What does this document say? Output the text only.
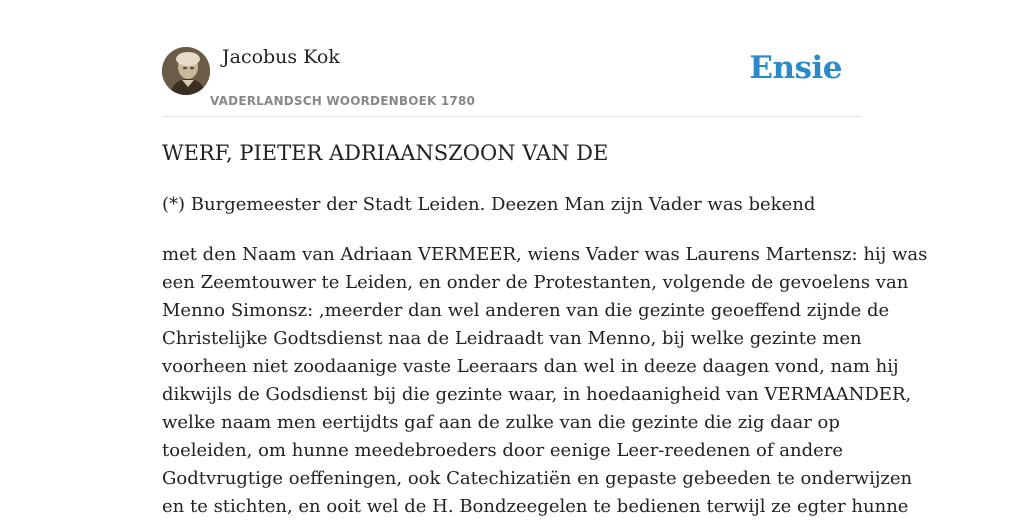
Jacobus Kok
VADERLANDSCH WOORDENBOEK 1780
Ensie
WERF, PIETER ADRIAANSZOON VAN DE

(*) Burgemeester der Stadt Leiden. Deezen Man zijn Vader was bekend

met den Naam van Adriaan VERMEER, wiens Vader was Laurens Martensz: hij was
een Zeemtouwer te Leiden, en onder de Protestanten, volgende de gevoelens van
Menno Simonsz: ,meerder dan wel anderen van die gezinte geoeffend zijnde de
Christelijke Godtsdienst naa de Leidraadt van Menno, bij welke gezinte men
voorheen niet zoodaanige vaste Leeraars dan wel in deeze daagen vond, nam hij
dikwijls de Godsdienst bij die gezinte waar, in hoedaanigheid van VERMAANDER,
welke naam men eertijdts gaf aan de zulke van die gezinte die zig daar op
toeleiden, om hunne meedebroeders door eenige Leer-reedenen of andere
Godtvrugtige oeffeningen, ook Catechizatiën en gepaste gebeeden te onderwijzen
en te stichten, en ooit wel de H. Bondzeegelen te bedienen terwijl ze egter hunne
